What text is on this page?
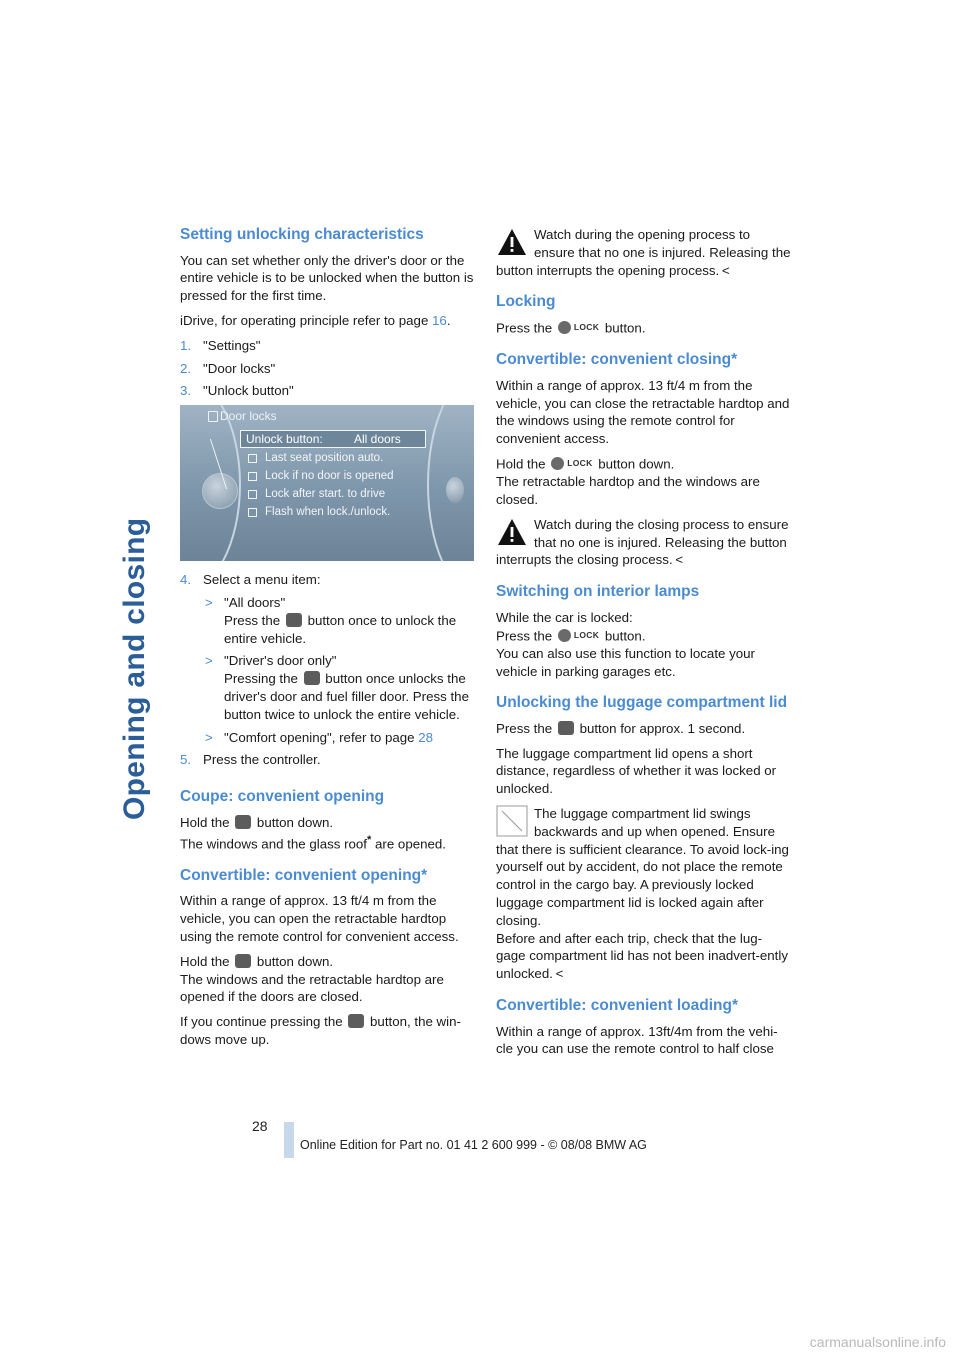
Opening and closing
Setting unlocking characteristics

You can set whether only the driver's door or the entire vehicle is to be unlocked when the button is pressed for the first time.

iDrive, for operating principle refer to page 16.

1. "Settings"
2. "Door locks"
3. "Unlock button"
Door locks
Unlock button:	All doors
Last seat position auto.
Lock if no door is opened
Lock after start. to drive
Flash when lock./unlock.
4. Select a menu item:
> "All doors"
Press the  button once to unlock the entire vehicle.
> "Driver's door only"
Pressing the  button once unlocks the driver's door and fuel filler door. Press the button twice to unlock the entire vehicle.
> "Comfort opening", refer to page 28
5. Press the controller.
Coupe: convenient opening

Hold the  button down.
The windows and the glass roof* are opened.

Convertible: convenient opening*

Within a range of approx. 13 ft/4 m from the vehicle, you can open the retractable hardtop using the remote control for convenient access.

Hold the  button down.
The windows and the retractable hardtop are opened if the doors are closed.

If you continue pressing the  button, the win-dows move up.

Watch during the opening process to ensure that no one is injured. Releasing the button interrupts the opening process.  <

Locking

Press the LOCK button.

Convertible: convenient closing*

Within a range of approx. 13 ft/4 m from the vehicle, you can close the retractable hardtop and the windows using the remote control for convenient access.

Hold the LOCK button down.
The retractable hardtop and the windows are closed.

Watch during the closing process to ensure that no one is injured. Releasing the button interrupts the closing process.  <

Switching on interior lamps

While the car is locked:
Press the LOCK button.
You can also use this function to locate your vehicle in parking garages etc.

Unlocking the luggage compartment lid

Press the  button for approx. 1 second.

The luggage compartment lid opens a short distance, regardless of whether it was locked or unlocked.

The luggage compartment lid swings backwards and up when opened. Ensure that there is sufficient clearance. To avoid lock-ing yourself out by accident, do not place the remote control in the cargo bay. A previously locked luggage compartment lid is locked again after closing.
Before and after each trip, check that the lug-gage compartment lid has not been inadvert-ently unlocked.  <

Convertible: convenient loading*

Within a range of approx. 13ft/4m from the vehi-cle you can use the remote control to half close

28
Online Edition for Part no. 01 41 2 600 999 - © 08/08 BMW AG
carmanualsonline.info
